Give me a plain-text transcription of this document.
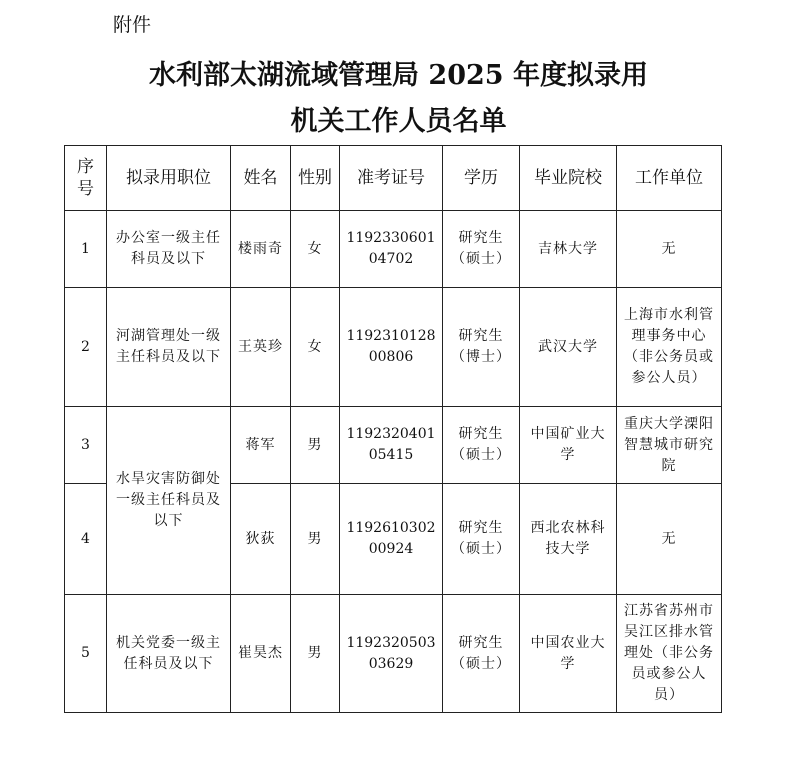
附件
水利部太湖流域管理局 2025 年度拟录用
机关工作人员名单
序号	拟录用职位	姓名	性别	准考证号	学历	毕业院校	工作单位
1	办公室一级主任科员及以下	楼雨奇	女	119233060104702	研究生（硕士）	吉林大学	无
2	河湖管理处一级主任科员及以下	王英珍	女	119231012800806	研究生（博士）	武汉大学	上海市水利管理事务中心（非公务员或参公人员）
3	水旱灾害防御处一级主任科员及以下	蒋军	男	119232040105415	研究生（硕士）	中国矿业大学	重庆大学溧阳智慧城市研究院
4		狄荻	男	119261030200924	研究生（硕士）	西北农林科技大学	无
5	机关党委一级主任科员及以下	崔昊杰	男	119232050303629	研究生（硕士）	中国农业大学	江苏省苏州市吴江区排水管理处（非公务员或参公人员）
